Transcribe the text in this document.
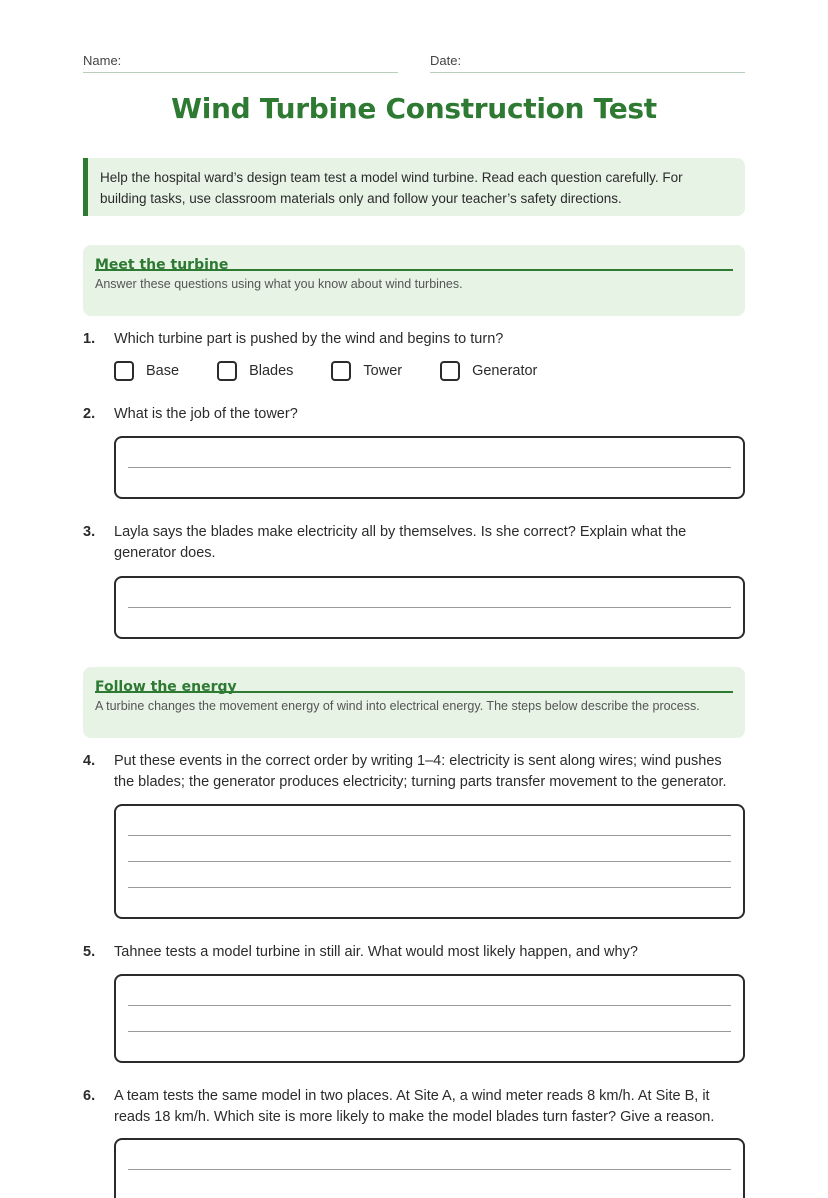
Name:	Date:
Wind Turbine Construction Test
Help the hospital ward’s design team test a model wind turbine. Read each question carefully. For building tasks, use classroom materials only and follow your teacher’s safety directions.
Meet the turbine
Answer these questions using what you know about wind turbines.
1. Which turbine part is pushed by the wind and begins to turn?
Base	Blades	Tower	Generator
2. What is the job of the tower?
3. Layla says the blades make electricity all by themselves. Is she correct? Explain what the generator does.
Follow the energy
A turbine changes the movement energy of wind into electrical energy. The steps below describe the process.
4. Put these events in the correct order by writing 1–4: electricity is sent along wires; wind pushes the blades; the generator produces electricity; turning parts transfer movement to the generator.
5. Tahnee tests a model turbine in still air. What would most likely happen, and why?
6. A team tests the same model in two places. At Site A, a wind meter reads 8 km/h. At Site B, it reads 18 km/h. Which site is more likely to make the model blades turn faster? Give a reason.
